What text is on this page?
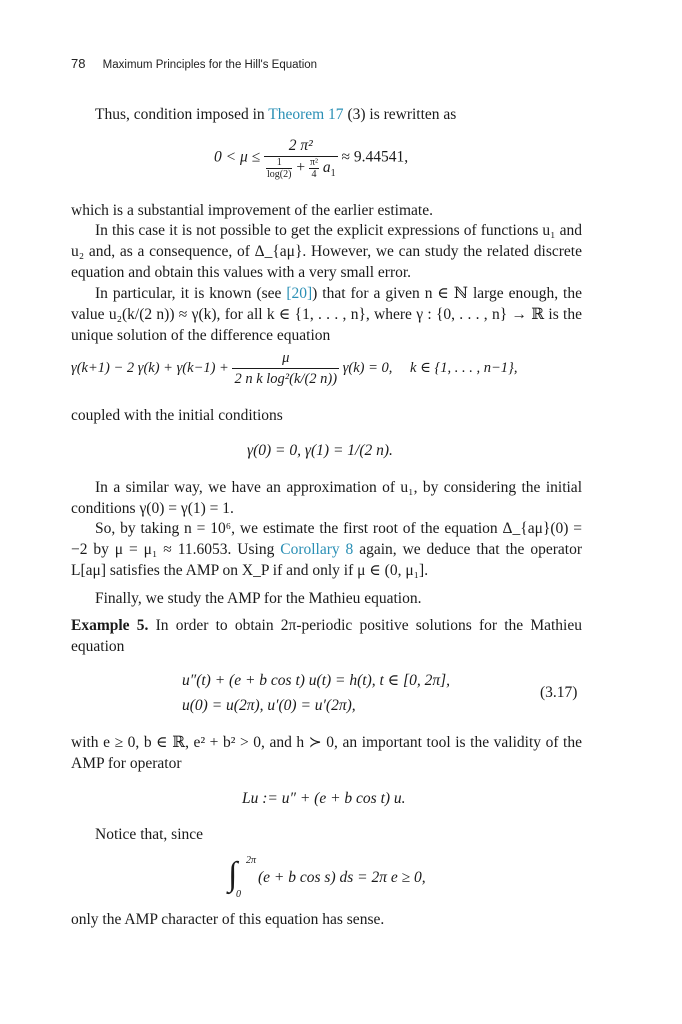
78 Maximum Principles for the Hill's Equation
Thus, condition imposed in Theorem 17 (3) is rewritten as
$0 < \mu \le \frac{\text{2 π²}}{\frac{1}{\log(2)} + \frac{\text{π²}}{4} a_1} \approx 9.44541$,
which is a substantial improvement of the earlier estimate.
In this case it is not possible to get the explicit expressions of functions u₁ and u₂ and, as a consequence, of Δ_{aμ}. However, we can study the related discrete equation and obtain this values with a very small error.
In particular, it is known (see [20]) that for a given n ∈ ℕ large enough, the value u₂(k/(2 n)) ≈ γ(k), for all k ∈ {1, . . . , n}, where γ : {0, . . . , n} → ℝ is the unique solution of the difference equation
γ(k+1) − 2 $\gamma(k) + \gamma(k-1) + \frac{\mu}{\text{2 n k log²(k/(2 n))}} \gamma(k) = 0$, k ∈ {1, . . . , n−1},
coupled with the initial conditions
γ(0) = 0, γ(1) = 1/(2 n).
In a similar way, we have an approximation of u₁, by considering the initial conditions γ(0) = γ(1) = 1.
So, by taking n = 10⁶, we estimate the first root of the equation Δ_{aμ}(0) = −2 by μ = μ₁ ≈ 11.6053. Using Corollary 8 again, we deduce that the operator L[aμ] satisfies the AMP on X_P if and only if μ ∈ (0, μ₁].
Finally, we study the AMP for the Mathieu equation.
Example 5. In order to obtain 2π-periodic positive solutions for the Mathieu equation
u″(t) + (e + b cos t) u(t) = h(t), t ∈ [0, 2π],
u(0) = u(2π), u′(0) = u′(2π),
(3.17)
with e ≥ 0, b ∈ ℝ, e² + b² > 0, and h ≻ 0, an important tool is the validity of the AMP for operator
Lu := u″ + (e + b cos t) u.
Notice that, since
∫ 2π
0
(e + b cos s) ds = 2π e ≥ 0,
only the AMP character of this equation has sense.
